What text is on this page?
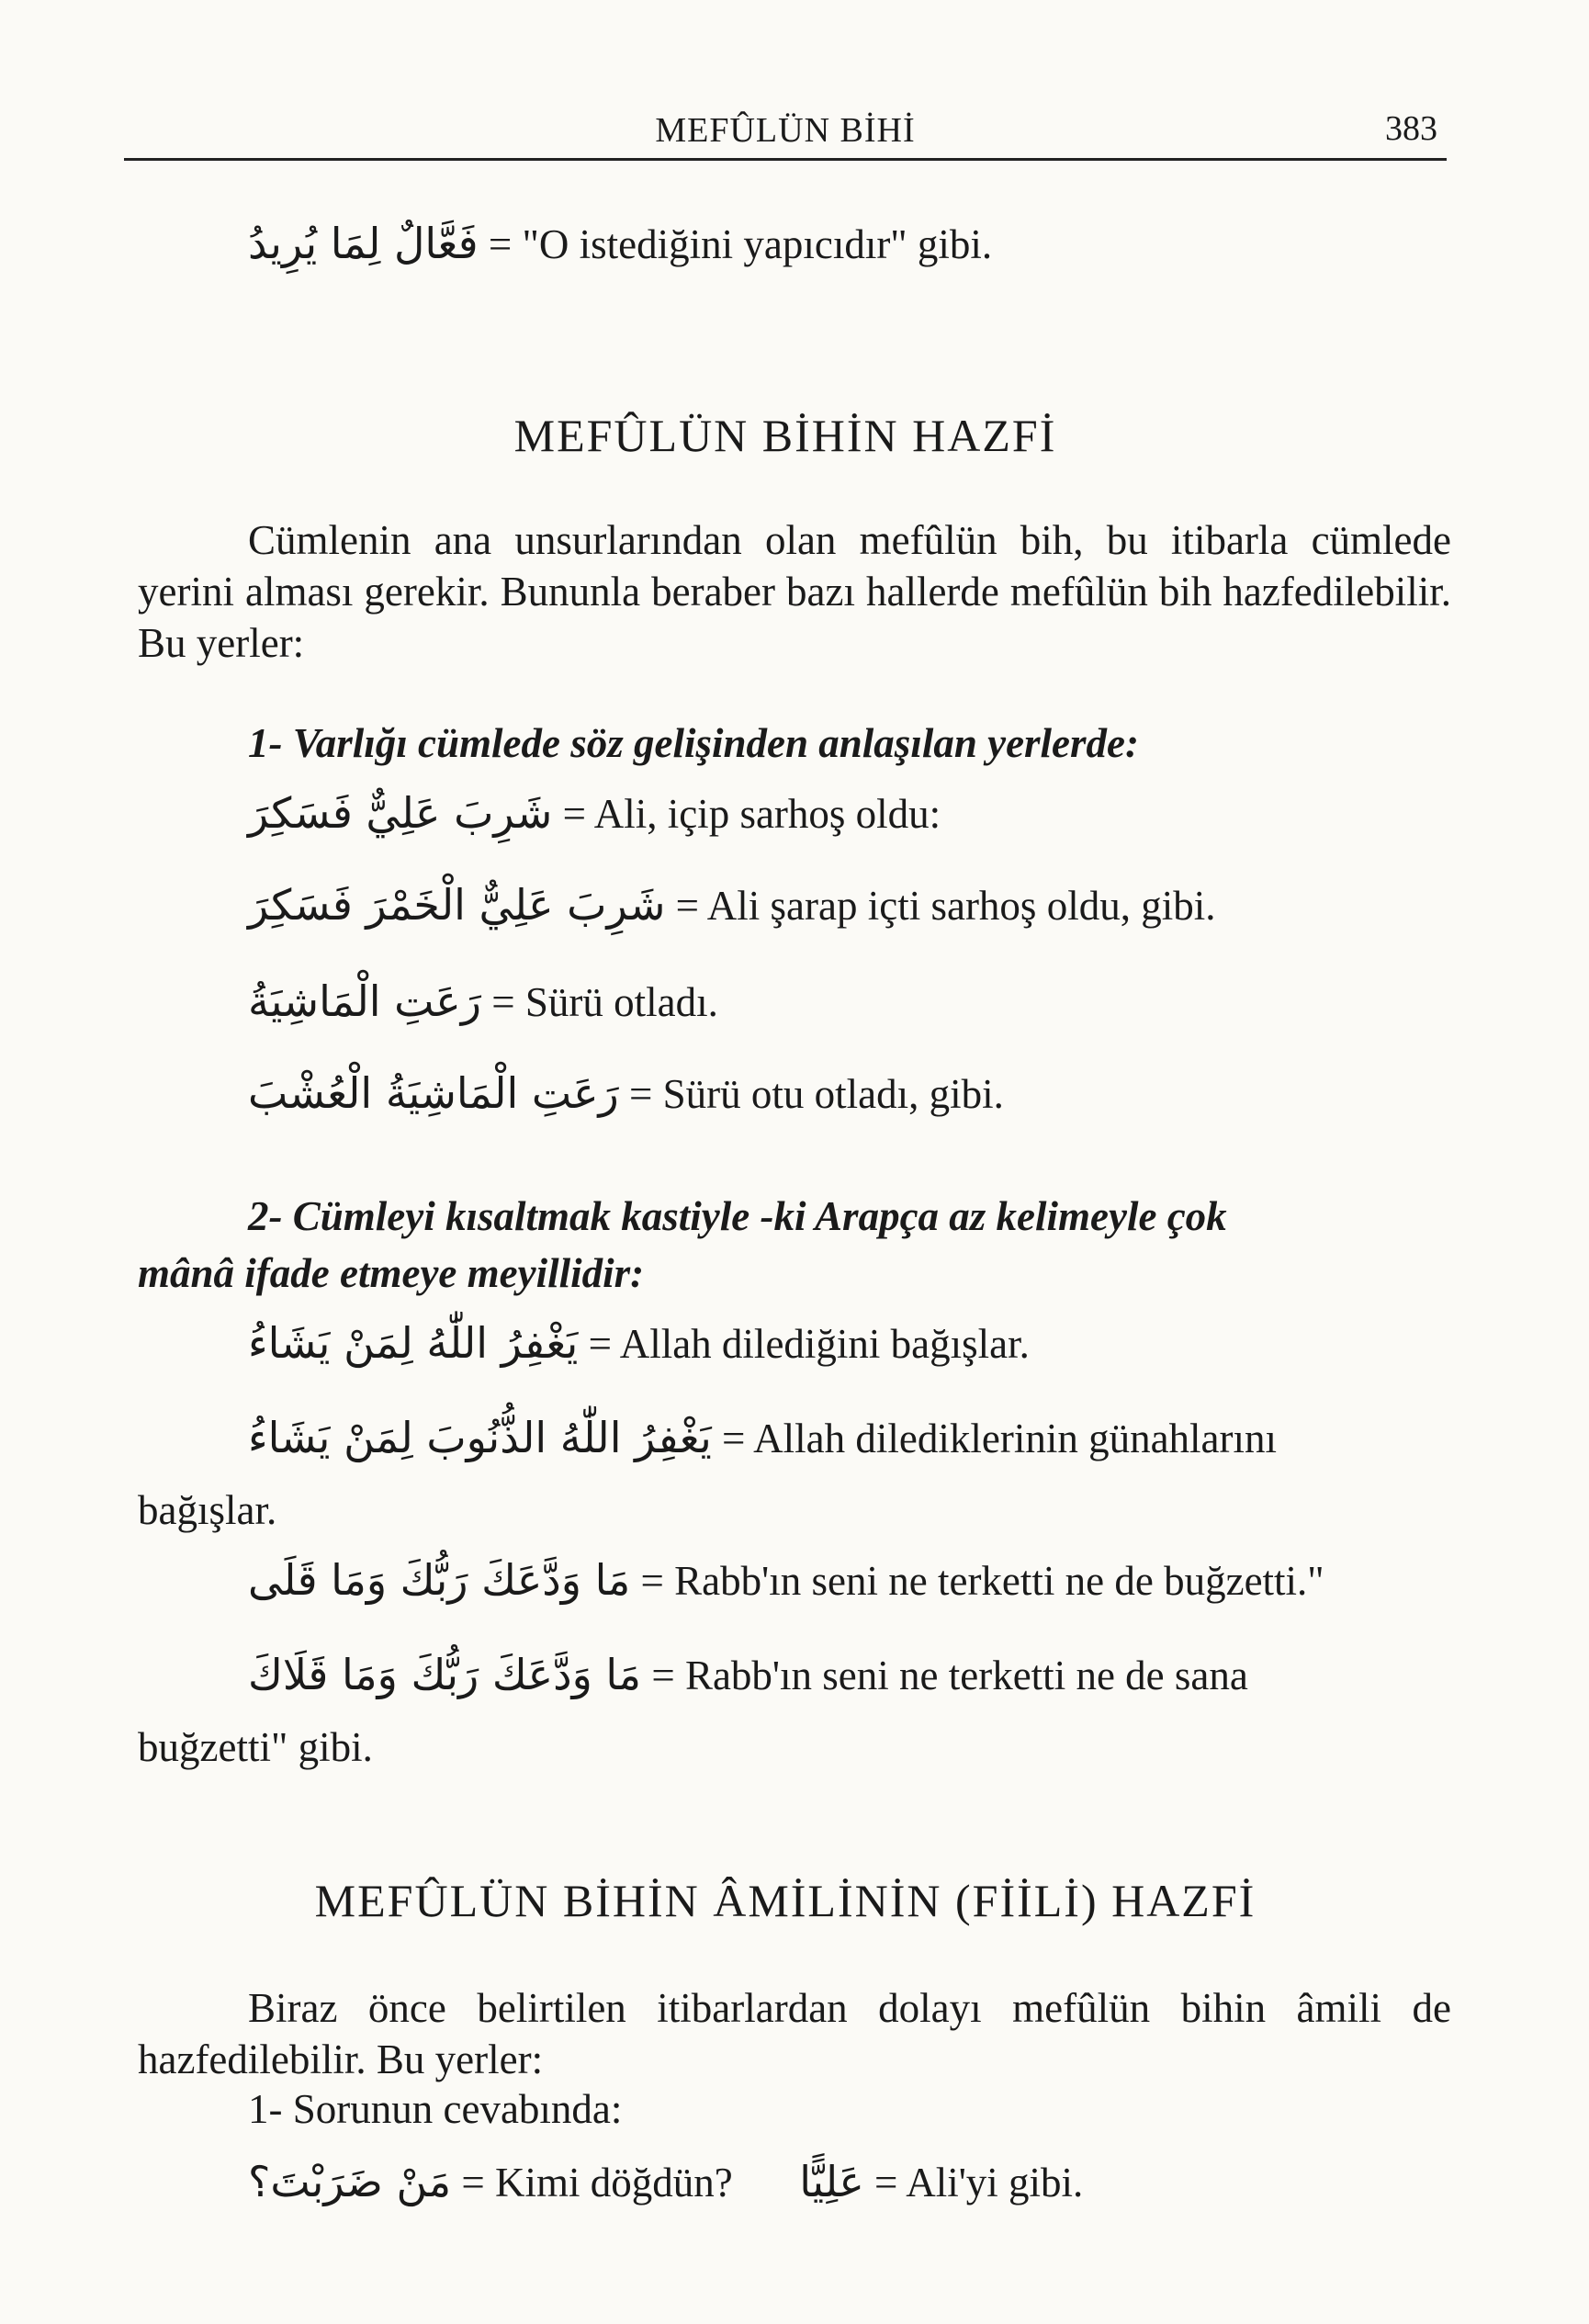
MEFÛLÜN BİHİ	383
فَعَّالٌ لِمَا يُرِيدُ = "O istediğini yapıcıdır" gibi.
MEFÛLÜN BİHİN HAZFİ
Cümlenin ana unsurlarından olan mefûlün bih, bu itibarla cümlede yerini alması gerekir. Bununla beraber bazı hallerde mefûlün bih hazfedilebilir. Bu yerler:
1- Varlığı cümlede söz gelişinden anlaşılan yerlerde:
شَرِبَ عَلِيٌّ فَسَكِرَ = Ali, içip sarhoş oldu:
شَرِبَ عَلِيٌّ الْخَمْرَ فَسَكِرَ = Ali şarap içti sarhoş oldu, gibi.
رَعَتِ الْمَاشِيَةُ = Sürü otladı.
رَعَتِ الْمَاشِيَةُ الْعُشْبَ = Sürü otu otladı, gibi.
2- Cümleyi kısaltmak kastiyle -ki Arapça az kelimeyle çok
mânâ ifade etmeye meyillidir:
يَغْفِرُ اللّٰهُ لِمَنْ يَشَاءُ = Allah dilediğini bağışlar.
يَغْفِرُ اللّٰهُ الذُّنُوبَ لِمَنْ يَشَاءُ = Allah dilediklerinin günahlarını
bağışlar.
مَا وَدَّعَكَ رَبُّكَ وَمَا قَلَى = Rabb'ın seni ne terketti ne de buğzetti."
مَا وَدَّعَكَ رَبُّكَ وَمَا قَلَاكَ = Rabb'ın seni ne terketti ne de sana
buğzetti" gibi.
MEFÛLÜN BİHİN ÂMİLİNİN (FİİLİ) HAZFİ
Biraz önce belirtilen itibarlardan dolayı mefûlün bihin âmili de hazfedilebilir. Bu yerler:
1- Sorunun cevabında:
مَنْ ضَرَبْتَ؟ = Kimi döğdün? عَلِيًّا = Ali'yi gibi.
